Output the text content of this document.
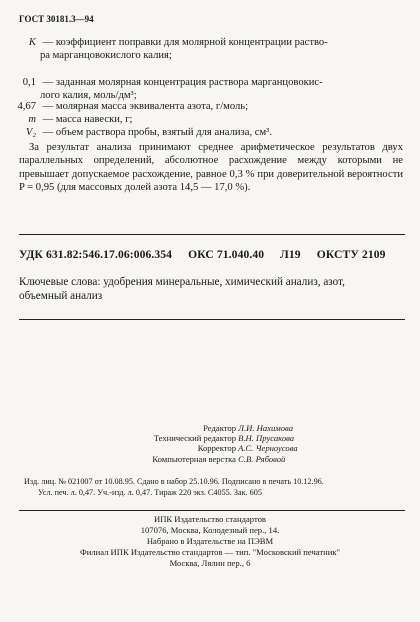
ГОСТ 30181.3—94
K — коэффициент поправки для молярной концентрации раство-
ра марганцовокислого калия;
0,1 — заданная молярная концентрация раствора марганцовокис-
лого калия, моль/дм³;
4,67 — молярная масса эквивалента азота, г/моль;
m — масса навески, г;
V₂ — объем раствора пробы, взятый для анализа, см³.
За результат анализа принимают среднее арифметическое результатов двух параллельных определений, абсолютное расхождение между которыми не превышает допускаемое расхождение, равное 0,3 % при доверительной вероятности P = 0,95 (для массовых долей азота 14,5 — 17,0 %).
УДК 631.82:546.17.06:006.354 ОКС 71.040.40 Л19 ОКСТУ 2109
Ключевые слова: удобрения минеральные, химический анализ, азот,
объемный анализ
Редактор Л.И. Нахимова
Технический редактор В.Н. Прусакова
Корректор А.С. Черноусова
Компьютерная верстка С.В. Рябовой
Изд. лиц. № 021007 от 10.08.95. Сдано в набор 25.10.96. Подписано в печать 10.12.96.
Усл. печ. л. 0,47. Уч.-изд. л. 0,47. Тираж 220 экз. С4055. Зак. 605
ИПК Издательство стандартов
107076, Москва, Колодезный пер., 14.
Набрано в Издательстве на ПЭВМ
Филиал ИПК Издательство стандартов — тип. "Московский печатник"
Москва, Лялин пер., 6
